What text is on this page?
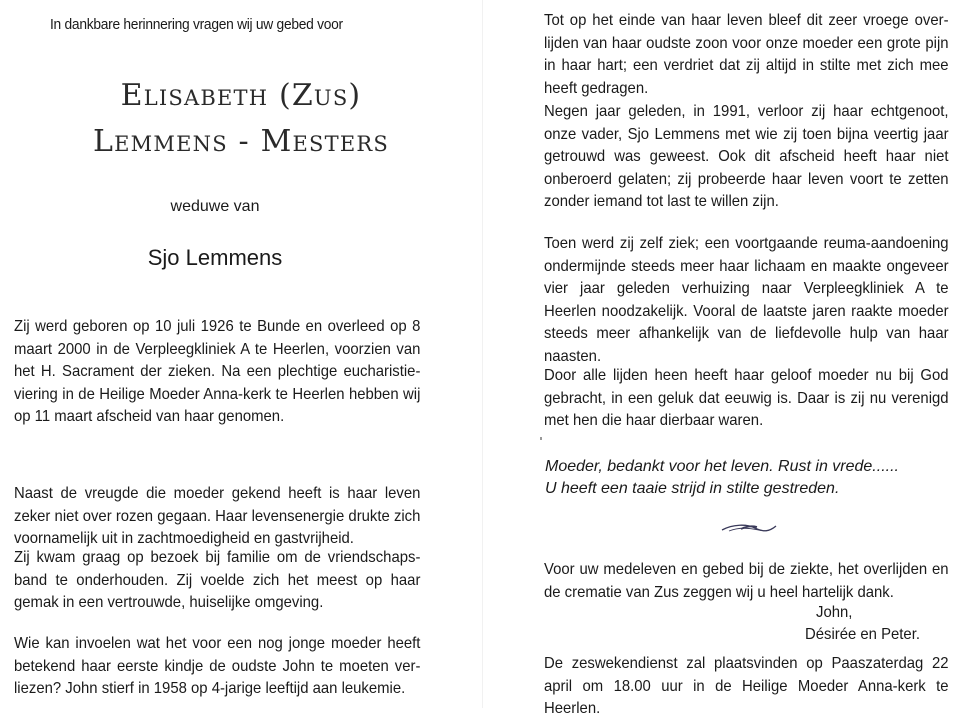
In dankbare herinnering vragen wij uw gebed voor
Elisabeth (Zus)
Lemmens - Mesters
weduwe van
Sjo Lemmens

Zij werd geboren op 10 juli 1926 te Bunde en overleed op 8 maart 2000 in de Verpleegkliniek A te Heerlen, voorzien van het H. Sacrament der zieken. Na een plechtige eucharistie-viering in de Heilige Moeder Anna-kerk te Heerlen hebben wij op 11 maart afscheid van haar genomen.

Naast de vreugde die moeder gekend heeft is haar leven zeker niet over rozen gegaan. Haar levensenergie drukte zich voornamelijk uit in zachtmoedigheid en gastvrijheid.

Zij kwam graag op bezoek bij familie om de vriendschaps-band te onderhouden. Zij voelde zich het meest op haar gemak in een vertrouwde, huiselijke omgeving.

Wie kan invoelen wat het voor een nog jonge moeder heeft betekend haar eerste kindje de oudste John te moeten ver-liezen? John stierf in 1958 op 4-jarige leeftijd aan leukemie.

Tot op het einde van haar leven bleef dit zeer vroege over-lijden van haar oudste zoon voor onze moeder een grote pijn in haar hart; een verdriet dat zij altijd in stilte met zich mee heeft gedragen.

Negen jaar geleden, in 1991, verloor zij haar echtgenoot, onze vader, Sjo Lemmens met wie zij toen bijna veertig jaar getrouwd was geweest. Ook dit afscheid heeft haar niet onberoerd gelaten; zij probeerde haar leven voort te zetten zonder iemand tot last te willen zijn.

Toen werd zij zelf ziek; een voortgaande reuma-aandoening ondermijnde steeds meer haar lichaam en maakte ongeveer vier jaar geleden verhuizing naar Verpleegkliniek A te Heerlen noodzakelijk. Vooral de laatste jaren raakte moeder steeds meer afhankelijk van de liefdevolle hulp van haar naasten.

Door alle lijden heen heeft haar geloof moeder nu bij God gebracht, in een geluk dat eeuwig is. Daar is zij nu verenigd met hen die haar dierbaar waren.

Moeder, bedankt voor het leven. Rust in vrede......

U heeft een taaie strijd in stilte gestreden.

Voor uw medeleven en gebed bij de ziekte, het overlijden en de crematie van Zus zeggen wij u heel hartelijk dank.

John,
Désirée en Peter.

De zeswekendienst zal plaatsvinden op Paaszaterdag 22 april om 18.00 uur in de Heilige Moeder Anna-kerk te Heerlen.
